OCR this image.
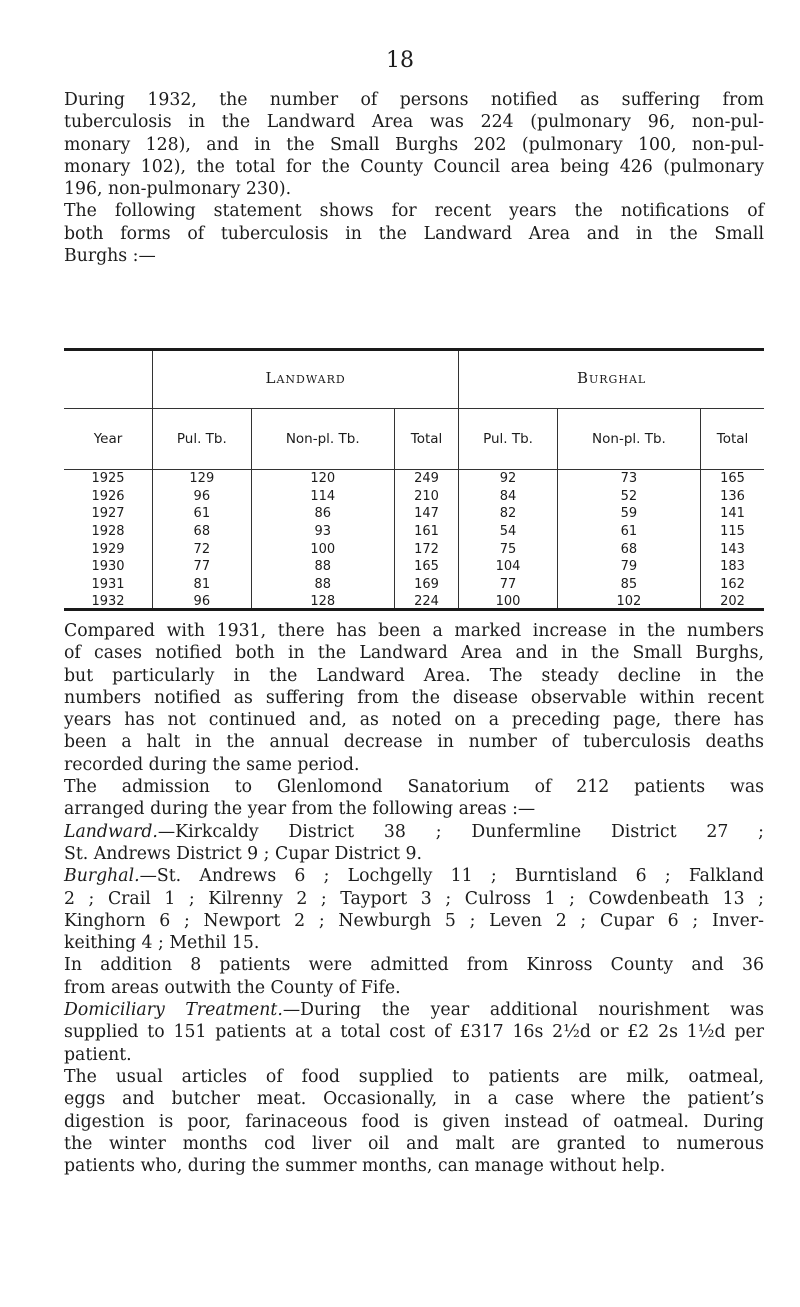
18

During 1932, the number of persons notified as suffering from
tuberculosis in the Landward Area was 224 (pulmonary 96, non-pul-
monary 128), and in the Small Burghs 202 (pulmonary 100, non-pul-
monary 102), the total for the County Council area being 426 (pulmonary
196, non-pulmonary 230).
The following statement shows for recent years the notifications of
both forms of tuberculosis in the Landward Area and in the Small
Burghs :—

	Landward			Burghal		
Year	Pul. Tb.	Non-pl. Tb.	Total	Pul. Tb.	Non-pl. Tb.	Total
1925	129	120	249	92	73	165
1926	96	114	210	84	52	136
1927	61	86	147	82	59	141
1928	68	93	161	54	61	115
1929	72	100	172	75	68	143
1930	77	88	165	104	79	183
1931	81	88	169	77	85	162
1932	96	128	224	100	102	202

Compared with 1931, there has been a marked increase in the numbers
of cases notified both in the Landward Area and in the Small Burghs,
but particularly in the Landward Area. The steady decline in the
numbers notified as suffering from the disease observable within recent
years has not continued and, as noted on a preceding page, there has
been a halt in the annual decrease in number of tuberculosis deaths
recorded during the same period.
The admission to Glenlomond Sanatorium of 212 patients was
arranged during the year from the following areas :—
Landward.—Kirkcaldy District 38 ; Dunfermline District 27 ;
St. Andrews District 9 ; Cupar District 9.
Burghal.—St. Andrews 6 ; Lochgelly 11 ; Burntisland 6 ; Falkland
2 ; Crail 1 ; Kilrenny 2 ; Tayport 3 ; Culross 1 ; Cowdenbeath 13 ;
Kinghorn 6 ; Newport 2 ; Newburgh 5 ; Leven 2 ; Cupar 6 ; Inver-
keithing 4 ; Methil 15.
In addition 8 patients were admitted from Kinross County and 36
from areas outwith the County of Fife.
Domiciliary Treatment.—During the year additional nourishment was
supplied to 151 patients at a total cost of £317 16s 2½d or £2 2s 1½d per
patient.
The usual articles of food supplied to patients are milk, oatmeal,
eggs and butcher meat. Occasionally, in a case where the patient’s
digestion is poor, farinaceous food is given instead of oatmeal. During
the winter months cod liver oil and malt are granted to numerous
patients who, during the summer months, can manage without help.
